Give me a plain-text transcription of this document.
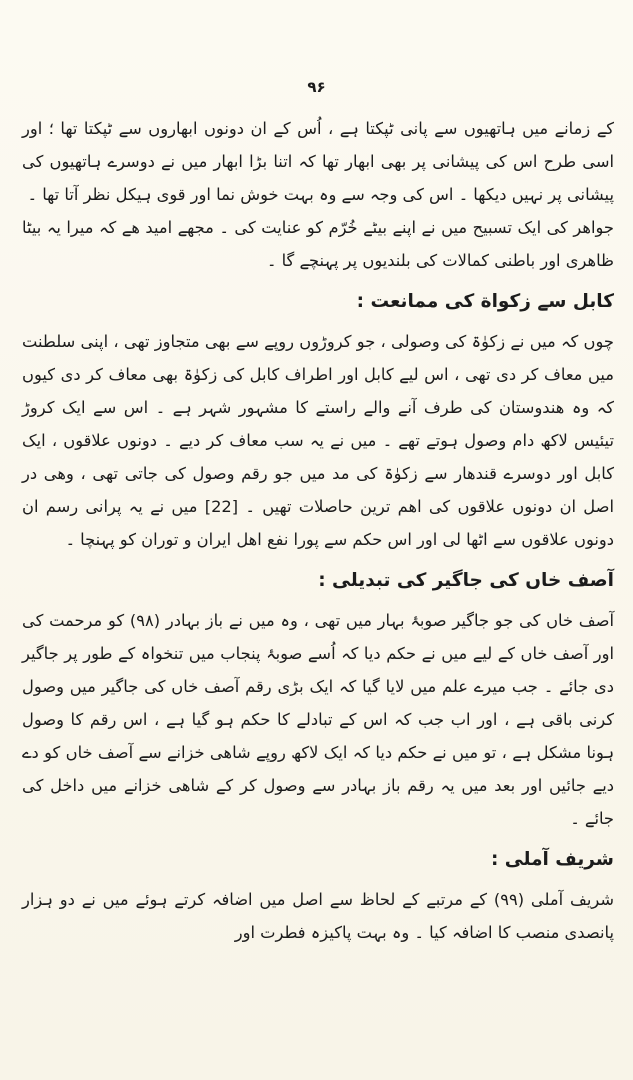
۹۶

کے زمانے میں ہاتھیوں سے پانی ٹپکتا ہے ، اُس کے ان دونوں ابھاروں سے ٹپکتا تھا ؛ اور اسی طرح اس کی پیشانی پر بھی ابھار تھا کہ اتنا بڑا ابھار میں نے دوسرے ہاتھیوں کی پیشانی پر نہیں دیکھا ۔ اس کی وجہ سے وہ بہت خوش نما اور قوی ہیکل نظر آتا تھا ۔

جواھر کی ایک تسبیح میں نے اپنے بیٹے خُرّم کو عنایت کی ۔ مجھے امید ھے کہ میرا یہ بیٹا ظاھری اور باطنی کمالات کی بلندیوں پر پہنچے گا ۔

کابل سے زکواة کی ممانعت :

چوں کہ میں نے زکوٰۃ کی وصولی ، جو کروڑوں روپے سے بھی متجاوز تھی ، اپنی سلطنت میں معاف کر دی تھی ، اس لیے کابل اور اطراف کابل کی زکوٰۃ بھی معاف کر دی کیوں کہ وہ ھندوستان کی طرف آنے والے راستے کا مشہور شہر ہے ۔ اس سے ایک کروڑ تیئیس لاکھ دام وصول ہوتے تھے ۔ میں نے یہ سب معاف کر دیے ۔ دونوں علاقوں ، ایک کابل اور دوسرے قندھار سے زکوٰۃ کی مد میں جو رقم وصول کی جاتی تھی ، وھی در اصل ان دونوں علاقوں کی اھم ترین حاصلات تھیں ۔ [22] میں نے یہ پرانی رسم ان دونوں علاقوں سے اٹھا لی اور اس حکم سے پورا نفع اھل ایران و توران کو پہنچا ۔

آصف خاں کی جاگیر کی تبدیلی :

آصف خاں کی جو جاگیر صوبۂ بہار میں تھی ، وہ میں نے باز بہادر (۹۸) کو مرحمت کی اور آصف خاں کے لیے میں نے حکم دیا کہ اُسے صوبۂ پنجاب میں تنخواہ کے طور پر جاگیر دی جائے ۔ جب میرے علم میں لایا گیا کہ ایک بڑی رقم آصف خاں کی جاگیر میں وصول کرنی باقی ہے ، اور اب جب کہ اس کے تبادلے کا حکم ہو گیا ہے ، اس رقم کا وصول ہونا مشکل ہے ، تو میں نے حکم دیا کہ ایک لاکھ روپے شاھی خزانے سے آصف خاں کو دے دیے جائیں اور بعد میں یہ رقم باز بہادر سے وصول کر کے شاھی خزانے میں داخل کی جائے ۔

شریف آملی :

شریف آملی (۹۹) کے مرتبے کے لحاظ سے اصل میں اضافہ کرتے ہوئے میں نے دو ہزار پانصدی منصب کا اضافہ کیا ۔ وہ بہت پاکیزہ فطرت اور
